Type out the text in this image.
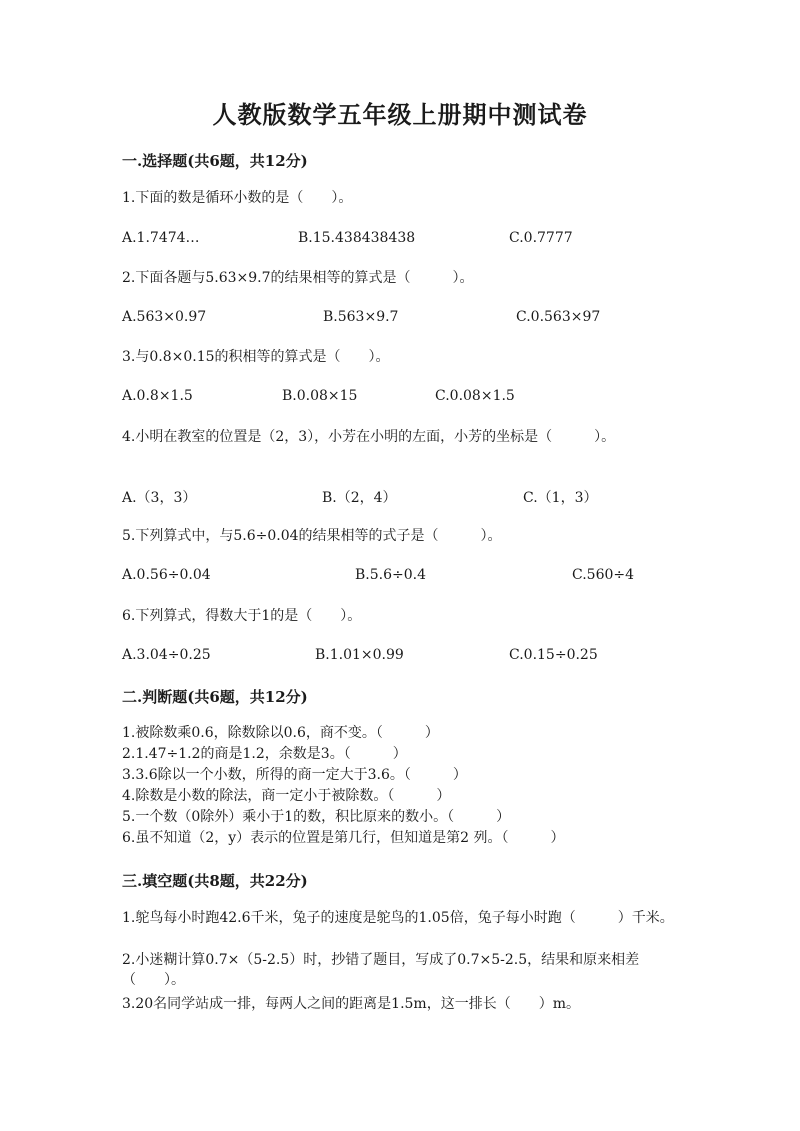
人教版数学五年级上册期中测试卷
一.选择题(共6题，共12分)
1.下面的数是循环小数的是（　　）。
A.1.7474…	B.15.438438438	C.0.7777
2.下面各题与5.63×9.7的结果相等的算式是（　　　）。
A.563×0.97	B.563×9.7	C.0.563×97
3.与0.8×0.15的积相等的算式是（　　）。
A.0.8×1.5	B.0.08×15	C.0.08×1.5
4.小明在教室的位置是（2，3），小芳在小明的左面，小芳的坐标是（　　　）。
A.（3，3）	B.（2，4）	C.（1，3）
5.下列算式中，与5.6÷0.04的结果相等的式子是（　　　）。
A.0.56÷0.04	B.5.6÷0.4	C.560÷4
6.下列算式，得数大于1的是（　　）。
A.3.04÷0.25	B.1.01×0.99	C.0.15÷0.25
二.判断题(共6题，共12分)
1.被除数乘0.6，除数除以0.6，商不变。（　　　）
2.1.47÷1.2的商是1.2，余数是3。（　　　）
3.3.6除以一个小数，所得的商一定大于3.6。（　　　）
4.除数是小数的除法，商一定小于被除数。（　　　）
5.一个数（0除外）乘小于1的数，积比原来的数小。（　　　）
6.虽不知道（2，y）表示的位置是第几行，但知道是第2 列。（　　　）
三.填空题(共8题，共22分)
1.鸵鸟每小时跑42.6千米，兔子的速度是鸵鸟的1.05倍，兔子每小时跑（　　　）千米。
2.小迷糊计算0.7×（5-2.5）时，抄错了题目，写成了0.7×5-2.5，结果和原来相差（　　）。
3.20名同学站成一排，每两人之间的距离是1.5m，这一排长（　　）m。
